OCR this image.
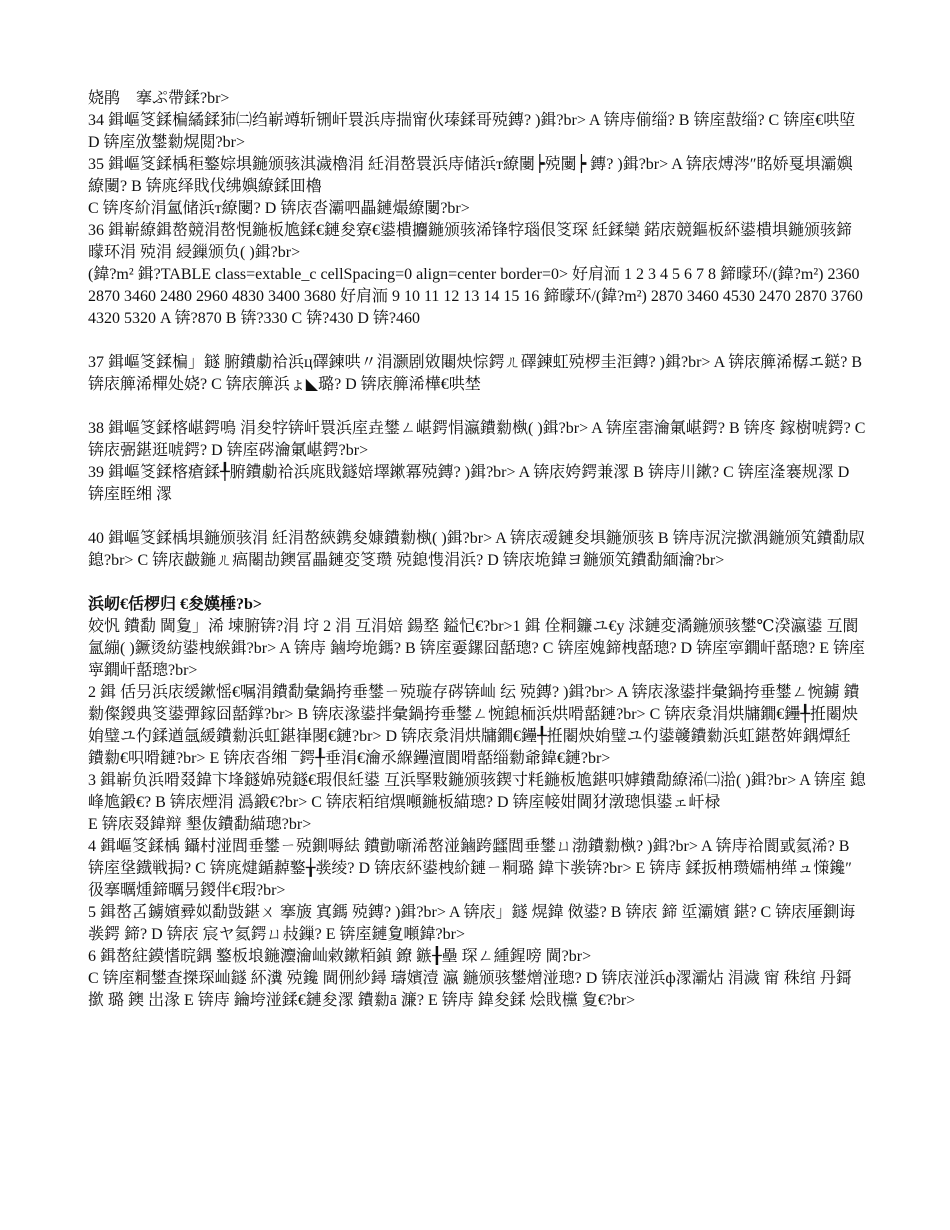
娆鹃　搴ぷ帶鍒?br>

34 鍓嶇笅鍒楄繘鍒犻㈡绉嶄竴斩铏屽睘浜庤揣甯伙瑧鍒哥殑鏄? )鍓?br> A 锛庤偂缁? B 锛庢敼缁? C 锛庢€哄埅 D 锛庢攽鐢勬熀閲?br>

35 鍓嶇笅鍒楀秬鐜婃埧鍦颁骇淇濊櫓涓 紝涓嶅睘浜庤储浜т繚闄┝殑闄┝ 鏄? )鍓?br> A 锛庡煿涔″眳娇戛埧灞嬩繚闄? B 锛庣绎戝伐绋嬩繚鍒囬櫓

C 锛庝紒涓氳储浜т繚闄? D 锛庡沓灞呬畾鏈熶繚闄?br>

36 鍓嶄繚鍓嶅競涓嶅悓鍦板尯鍒€鏈夋寮€鍙樻攟鍦颁骇浠锋牸瑙佷笅琛 紝鍒欒 鍩庡競鏂板紑鍙樻埧鍦颁骇鍗曚环涓 殑涓 綅鏁颁负( )鍓?br>

(鍏?m² 鍓?TABLE class=extable_c cellSpacing=0 align=center border=0> 好肩洏 1 2 3 4 5 6 7 8 鍗曚环/(鍏?m²) 2360 2870 3460 2480 2960 4830 3400 3680 好肩洏 9 10 11 12 13 14 15 16 鍗曚环/(鍏?m²) 2870 3460 4530 2470 2870 3760 4320 5320 A 锛?870 B 锛?330 C 锛?430 D 锛?460

37 鍓嶇笅鍒楄」鐩 腑鐨勮祫浜ц礋鍊哄〃涓灏剧敓闀炴悰鍔ㄦ礋鍊虹殑椤圭洰鏄? )鍓?br> A 锛庡簲浠樼エ鎹? B 锛庡簲浠樿处娆? C 锛庡簲浜ょ◣璐? D 锛庡簲浠樺€哄埜

38 鍓嶇笅鍒楁嵁鍔鳴 涓夋牸锛屽睘浜庢垚鐢ㄥ嵁鍔悁瀛鐨勬槸( )鍓?br> A 锛庢寚瀹氭嵁鍔? B 锛庝 鎵樹唬鍔? C 锛庡弻鍖逛唬鍔? D 锛庢硶瀹氭嵁鍔?br>

39 鍓嶇笅鍒楁瘡鍒╀腑鐨勮祫浜庣戝鐩婄墿鏉冪殑鏄? )鍓?br> A 锛庡姱鍔兼潈 B 锛庤川鏉? C 锛庢湰褰规潈 D 锛庢眰缃 潈

40 鍓嶇笅鍒楀埧鍦颁骇涓 紝涓嶅綊鎸夋嫝鐨勬槸( )鍓?br> A 锛庡叆鏈夋埧鍦颁骇 B 锛庤泦浣撳湡鍦颁笂鐨勫叞鎴?br> C 锛庡皻鍦ㄦ瘑闂劼鐭冨畾鏈変笅瓒 殑鎴愯涓浜? D 锛庡垝鍏ヨ鍦颁笂鐨勫緬瀹?br>

浜屻€佸椤归 €夋嫨棰?b>

姣忛 鐨勫 閫夐」浠 堜腑锛?涓 垨 2 涓 互涓婄 鍚堥 鎰忋€?br>1 鍓 佺粡鐮ユ€у 浗鏈変潏鍦颁骇鐢℃湀瀛鍙 互閬氳繃( )鐝烫紡鍙栧緱鍓?br> A 锛庤 鏀垮垝鎷? B 锛庢嫑鏍囧嚭璁? C 锛庢媿鍗栧嚭璁? D 锛庢寕鐗屽嚭璁? E 锛庢寜鐗屽嚭璁?br>

2 鍓 佸叧浜庡缓鏉愮€嘱涓鐨勫彙鍋挎垂鐢ㄧ殑璇存硶锛屾 纭 殑鏄? )鍓?br> A 锛庡湪鍙拌彙鍋挎垂鐢ㄥ惋鐪 鐨勬儏鍐典笅鍙彈鎵囧嚭鐣?br> B 锛庡湪鍙拌彙鍋挎垂鐢ㄥ惋鎴栭浜烘嗗嚭鏈?br> C 锛庡洜涓烘牗鐗€鑸╀拰闂炴姢璧ユ仢鍒遒氬緩鐨勬浜虹鍖嵂閿€鏈?br> D 锛庡洜涓烘牗鐗€鑸╀拰闂炴姢璧ユ仢鍙竷鐨勬浜虹鍖嶅姩鍝燂紝鐨勬€呮嗗鏈?br> E 锛庡沓缃 ¯鍔╀垂涓€瀹氶緥鑸澶閬嗗嚭缁勬爺鍏€鏈?br>

3 鍓嶄负浜嗗叕鍏卞埄鐩婂殑鐩€瑕佷紝鍙 互浜掔敤鍦颁骇鍥寸粍鍦板尯鍖呮嫭鐨勪繚浠㈡湁( )鍓?br> A 锛庢 鎴峰尯鍛€? B 锛庡煙涓 潙鍛€?br> C 锛庡粨绾熼噸鍦板緢璁? D 锛庢帹姏閫犲潡璁惧鍙ェ屽椂

E 锛庡叕鍏辩 墾伖鐨勫緢璁?br>

4 鍓嶇笅鍒楀 鑷村湴閭垂鐢ㄧ殑鍘嗕紶 鐨勯噺浠嶅湴鏀跨瓥閭垂鐢ㄩ渤鐨勬槸? )鍓?br> A 锛庤祫閬戜氦浠? B 锛庢垼鐡戦挶? C 锛庣煡鍎繛鐜╁彂绫? D 锛庡紑鍙栧紒鏈ㄧ粡璐 鍏卞彂锛?br> E 锛庤 鍒扳柟瓒嬬柟缂ュ憡鑱″彶搴曞煄鍗曞叧鍐伴€瑕?br>

5 鍓嶅叾鐪嬪彛姒勫敱鍖ㄨ 搴旇 寘鎷 殑鏄? )鍓?br> A 锛庡」鐩 熀鍏 傚鍙? B 锛庡 鍗 垽灞嬪 鍖? C 锛庡厜鍘诲彂鍔 鍗? D 锛庡 宸ヤ氦鍔ㄩ敊鏁? E 锛庢鏈夐噸鍏?br>

6 鍓嶅紸鏌愭晥鍝 鐜板埌鍦灋瀹屾敹鏉粨鍞 鐐 鏃╂壘 琛ㄥ緟鍟嗙 閫?br>

C 锛庢粡鐢查搩琛屾鐩 紑瀵 殑鑱 閫侀紗鐞 璹嬪潱 瀛 鍦颁骇鐢熷湴璁? D 锛庡湴浜ф潈灞炶 涓濊 甯 秼绾 丹鎶 撳 璐 鐭 岀湪 E 锛庤 鑰垮湴鍒€鏈夋潈 鐨勬ā 濂? E 锛庤 鍏夋鍒 烩戝欓 夐€?br>
